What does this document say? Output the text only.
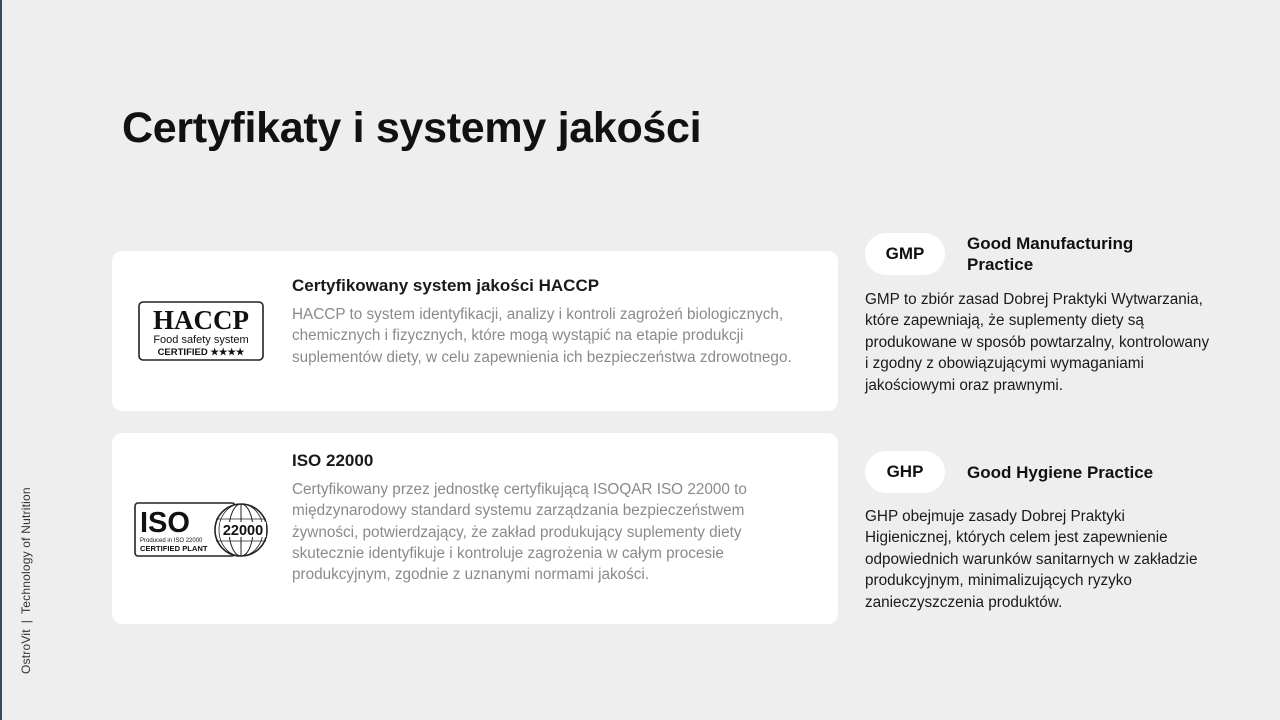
OstroVit|Technology of Nutrition
Certyfikaty i systemy jakości
HACCP
Food safety system
CERTIFIED ★★★★

Certyfikowany system jakości HACCP

HACCP to system identyfikacji, analizy i kontroli zagrożeń biologicznych, chemicznych i fizycznych, które mogą wystąpić na etapie produkcji suplementów diety, w celu zapewnienia ich bezpieczeństwa zdrowotnego.

ISO
Produced in ISO 22000
CERTIFIED PLANT
22000

ISO 22000

Certyfikowany przez jednostkę certyfikującą ISOQAR ISO 22000 to międzynarodowy standard systemu zarządzania bezpieczeństwem żywności, potwierdzający, że zakład produkujący suplementy diety skutecznie identyfikuje i kontroluje zagrożenia w całym procesie produkcyjnym, zgodnie z uznanymi normami jakości.

GMP
Good Manufacturing Practice

GMP to zbiór zasad Dobrej Praktyki Wytwarzania, które zapewniają, że suplementy diety są produkowane w sposób powtarzalny, kontrolowany i zgodny z obowiązującymi wymaganiami jakościowymi oraz prawnymi.

GHP	Good Hygiene Practice

GHP obejmuje zasady Dobrej Praktyki Higienicznej, których celem jest zapewnienie odpowiednich warunków sanitarnych w zakładzie produkcyjnym, minimalizujących ryzyko zanieczyszczenia produktów.
